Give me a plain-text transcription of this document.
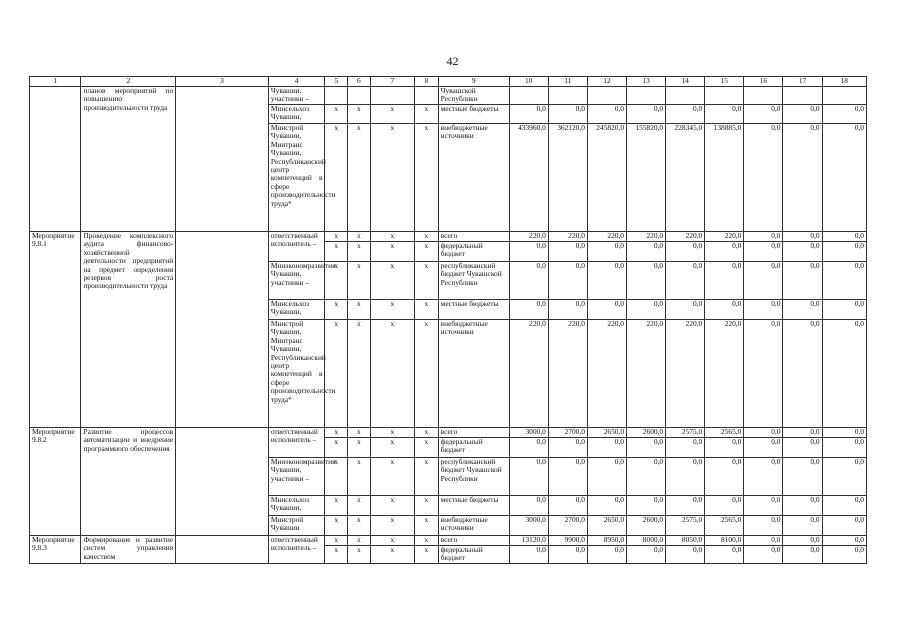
42
1	2	3	4	5	6	7	8	9	10	11	12	13	14	15	16	17	18
	планов мероприятий по повышению производительности труда		Чувашии, участники –					Чувашской Республики									
			Минсельхоз Чувашии,	x	x	x	x	местные бюджеты	0,0	0,0	0,0	0,0	0,0	0,0	0,0	0,0	0,0
			Минстрой Чувашии, Минтранс Чувашии, Республиканский центр компетенций в сфере производительности труда*	x	x	x	x	внебюджетные источники	433960,0	362120,0	245820,0	155820,0	228345,0	138885,0	0,0	0,0	0,0
Мероприятие 9.8.1	Проведение комплексного аудита финансово-хозяйственной деятельности предприятий на предмет определения резервов роста производительности труда		ответственный исполнитель –	x	x	x	x	всего	220,0	220,0	220,0	220,0	220,0	220,0	0,0	0,0	0,0
				x	x	x	x	федеральный бюджет	0,0	0,0	0,0	0,0	0,0	0,0	0,0	0,0	0,0
			Минэкономразвития Чувашии, участники –	x	x	x	x	республиканский бюджет Чувашской Республики	0,0	0,0	0,0	0,0	0,0	0,0	0,0	0,0	0,0
			Минсельхоз Чувашии,	x	x	x	x	местные бюджеты	0,0	0,0	0,0	0,0	0,0	0,0	0,0	0,0	0,0
			Минстрой Чувашии, Минтранс Чувашии, Республиканский центр компетенций в сфере производительности труда*	x	x	x	x	внебюджетные источники	220,0	220,0	220,0	220,0	220,0	220,0	0,0	0,0	0,0
Мероприятие 9.8.2	Развитие процессов автоматизации и внедрение программного обеспечения		ответственный исполнитель –	x	x	x	x	всего	3000,0	2700,0	2650,0	2600,0	2575,0	2565,0	0,0	0,0	0,0
				x	x	x	x	федеральный бюджет	0,0	0,0	0,0	0,0	0,0	0,0	0,0	0,0	0,0
			Минэкономразвития Чувашии, участники –	x	x	x	x	республиканский бюджет Чувашской Республики	0,0	0,0	0,0	0,0	0,0	0,0	0,0	0,0	0,0
			Минсельхоз Чувашии,	x	x	x	x	местные бюджеты	0,0	0,0	0,0	0,0	0,0	0,0	0,0	0,0	0,0
			Минстрой Чувашии	x	x	x	x	внебюджетные источники	3000,0	2700,0	2650,0	2600,0	2575,0	2565,0	0,0	0,0	0,0
Мероприятие 9.8.3	Формирование и развитие систем управления качеством		ответственный исполнитель –	x	x	x	x	всего	13120,0	9900,0	8950,0	8000,0	8050,0	8100,0	0,0	0,0	0,0
				x	x	x	x	федеральный бюджет	0,0	0,0	0,0	0,0	0,0	0,0	0,0	0,0	0,0
